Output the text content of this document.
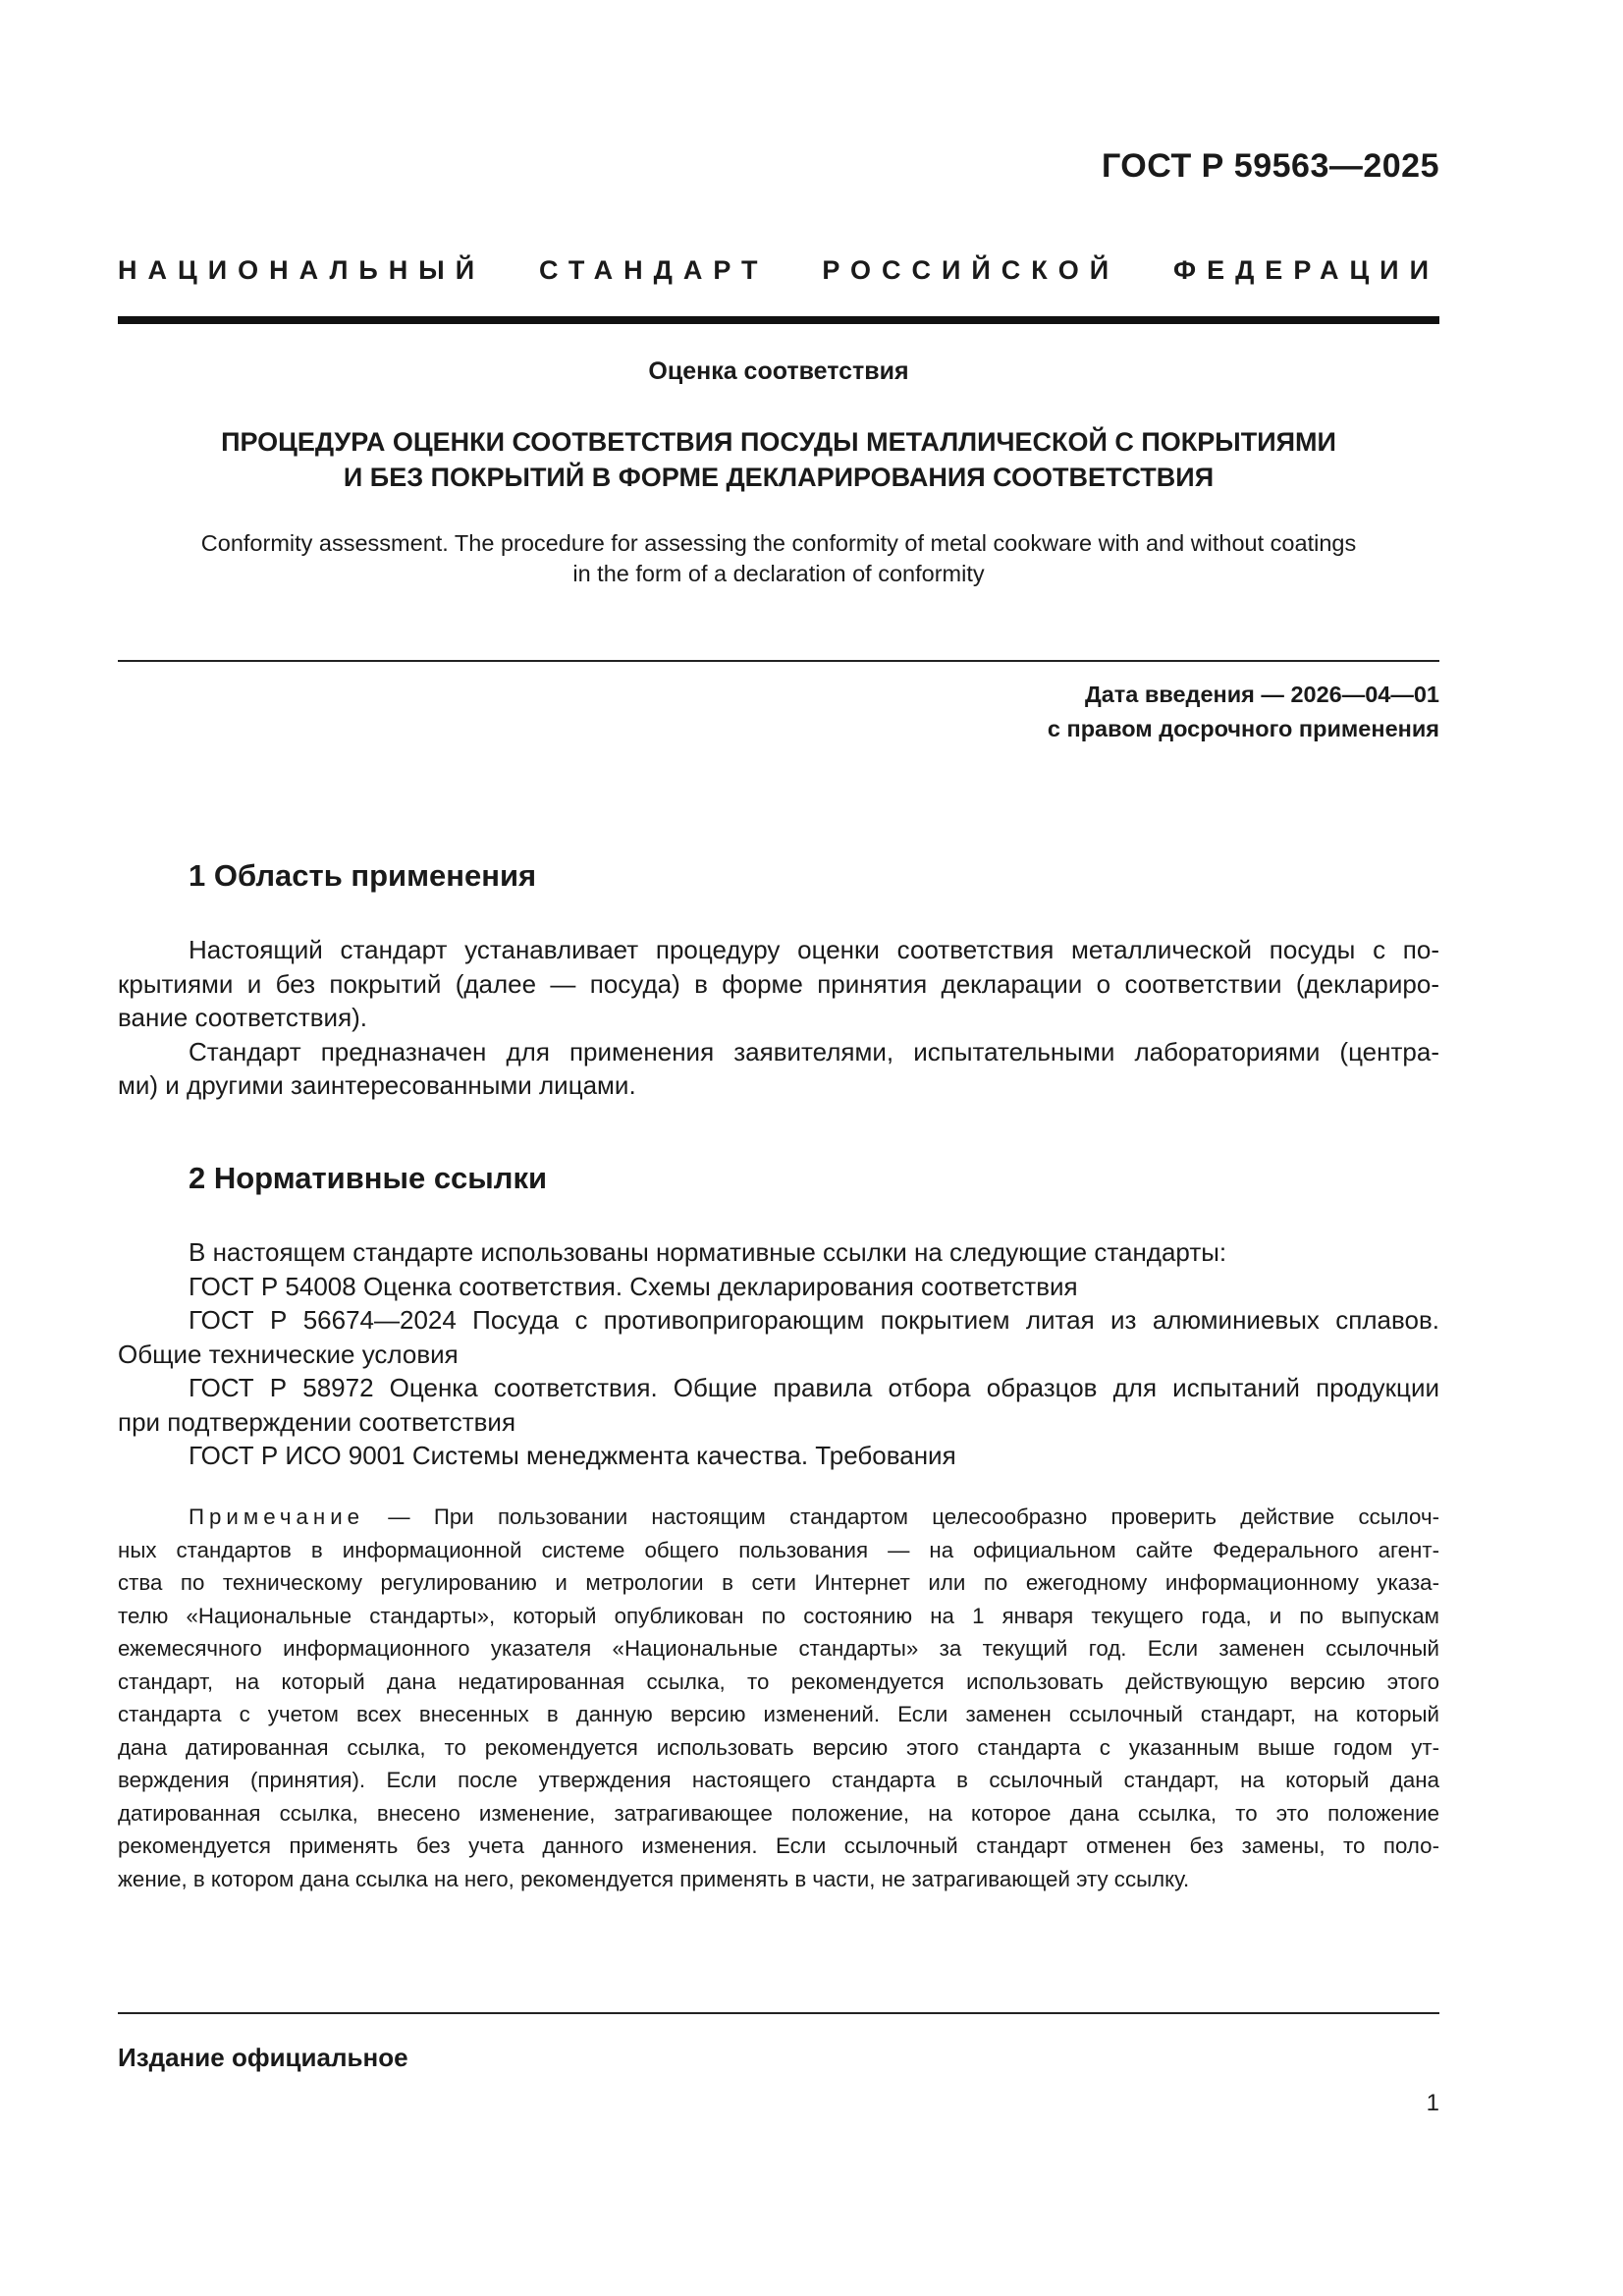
ГОСТ Р 59563—2025
НАЦИОНАЛЬНЫЙ СТАНДАРТ РОССИЙСКОЙ ФЕДЕРАЦИИ
Оценка соответствия
ПРОЦЕДУРА ОЦЕНКИ СООТВЕТСТВИЯ ПОСУДЫ МЕТАЛЛИЧЕСКОЙ С ПОКРЫТИЯМИ
И БЕЗ ПОКРЫТИЙ В ФОРМЕ ДЕКЛАРИРОВАНИЯ СООТВЕТСТВИЯ
Conformity assessment. The procedure for assessing the conformity of metal cookware with and without coatings
in the form of a declaration of conformity
Дата введения — 2026—04—01
с правом досрочного применения
1 Область применения
Настоящий стандарт устанавливает процедуру оценки соответствия металлической посуды с по-
крытиями и без покрытий (далее — посуда) в форме принятия декларации о соответствии (деклариро-
вание соответствия).
Стандарт предназначен для применения заявителями, испытательными лабораториями (центра-
ми) и другими заинтересованными лицами.
2 Нормативные ссылки
В настоящем стандарте использованы нормативные ссылки на следующие стандарты:
ГОСТ Р 54008 Оценка соответствия. Схемы декларирования соответствия
ГОСТ Р 56674—2024 Посуда с противопригорающим покрытием литая из алюминиевых сплавов.
Общие технические условия
ГОСТ Р 58972 Оценка соответствия. Общие правила отбора образцов для испытаний продукции
при подтверждении соответствия
ГОСТ Р ИСО 9001 Системы менеджмента качества. Требования
Примечание — При пользовании настоящим стандартом целесообразно проверить действие ссылоч-
ных стандартов в информационной системе общего пользования — на официальном сайте Федерального агент-
ства по техническому регулированию и метрологии в сети Интернет или по ежегодному информационному указа-
телю «Национальные стандарты», который опубликован по состоянию на 1 января текущего года, и по выпускам
ежемесячного информационного указателя «Национальные стандарты» за текущий год. Если заменен ссылочный
стандарт, на который дана недатированная ссылка, то рекомендуется использовать действующую версию этого
стандарта с учетом всех внесенных в данную версию изменений. Если заменен ссылочный стандарт, на который
дана датированная ссылка, то рекомендуется использовать версию этого стандарта с указанным выше годом ут-
верждения (принятия). Если после утверждения настоящего стандарта в ссылочный стандарт, на который дана
датированная ссылка, внесено изменение, затрагивающее положение, на которое дана ссылка, то это положение
рекомендуется применять без учета данного изменения. Если ссылочный стандарт отменен без замены, то поло-
жение, в котором дана ссылка на него, рекомендуется применять в части, не затрагивающей эту ссылку.
Издание официальное
1
